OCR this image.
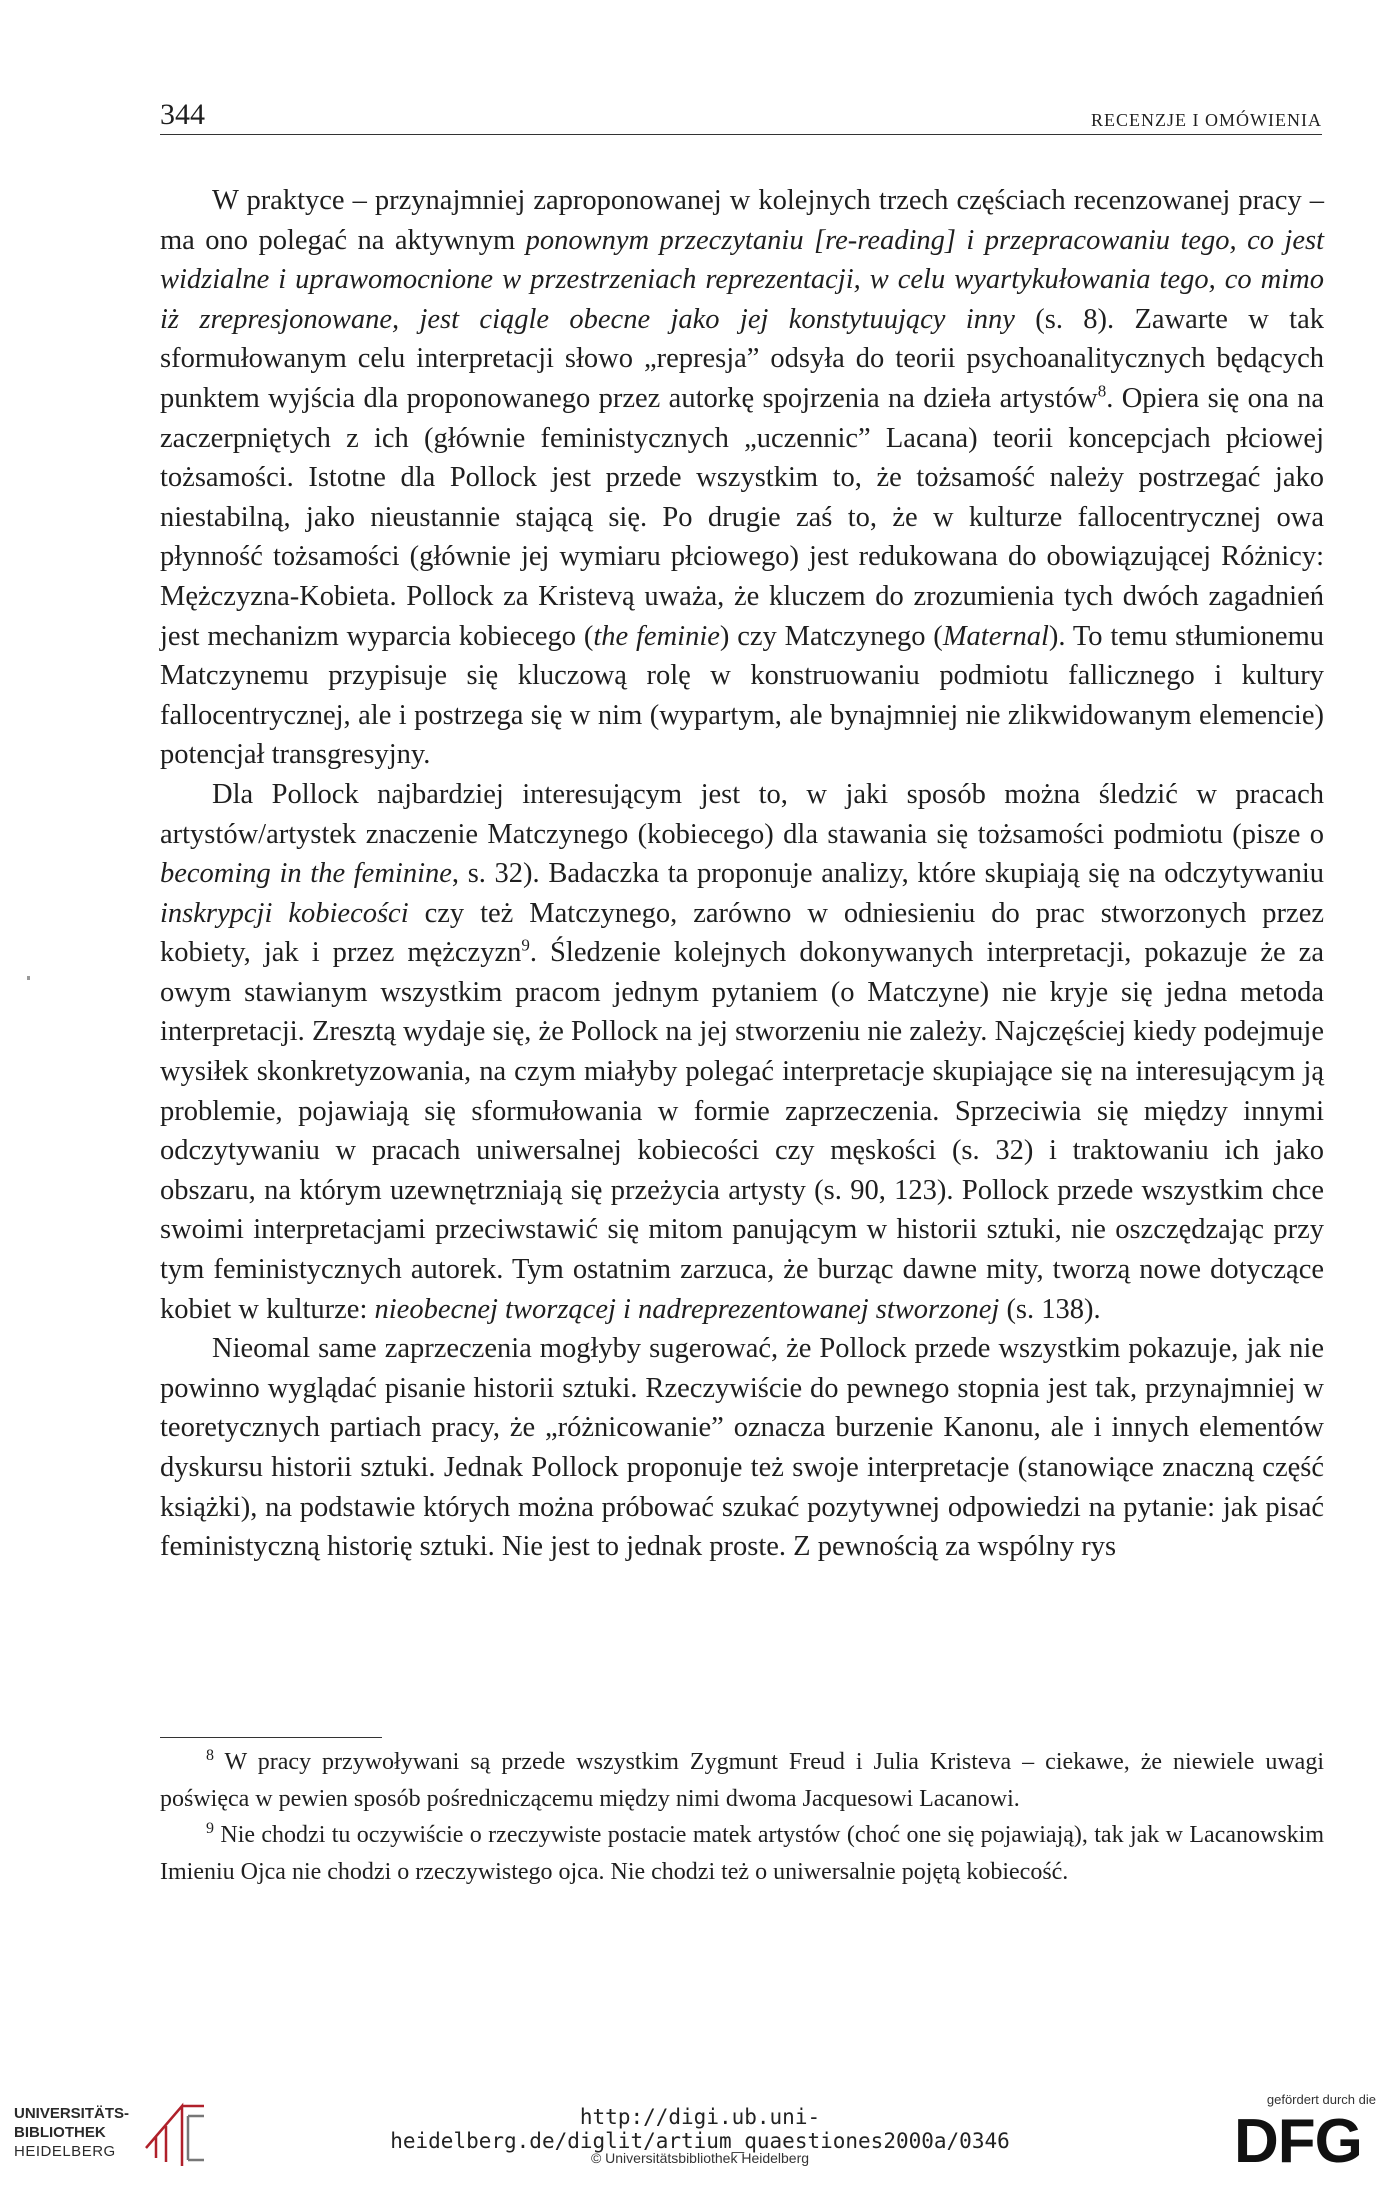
344	RECENZJE I OMÓWIENIA

W praktyce – przynajmniej zaproponowanej w kolejnych trzech częściach recenzowanej pracy – ma ono polegać na aktywnym ponownym przeczytaniu [re-reading] i przepracowaniu tego, co jest widzialne i uprawomocnione w przestrzeniach reprezentacji, w celu wyartykułowania tego, co mimo iż zrepresjonowane, jest ciągle obecne jako jej konstytuujący inny (s. 8). Zawarte w tak sformułowanym celu interpretacji słowo „represja” odsyła do teorii psychoanalitycznych będących punktem wyjścia dla proponowanego przez autorkę spojrzenia na dzieła artystów$^8$. Opiera się ona na zaczerpniętych z ich (głównie feministycznych „uczennic” Lacana) teorii koncepcjach płciowej tożsamości. Istotne dla Pollock jest przede wszystkim to, że tożsamość należy postrzegać jako niestabilną, jako nieustannie stającą się. Po drugie zaś to, że w kulturze fallocentrycznej owa płynność tożsamości (głównie jej wymiaru płciowego) jest redukowana do obowiązującej Różnicy: Mężczyzna-Kobieta. Pollock za Kristevą uważa, że kluczem do zrozumienia tych dwóch zagadnień jest mechanizm wyparcia kobiecego (the feminie) czy Matczynego (Maternal). To temu stłumionemu Matczynemu przypisuje się kluczową rolę w konstruowaniu podmiotu fallicznego i kultury fallocentrycznej, ale i postrzega się w nim (wypartym, ale bynajmniej nie zlikwidowanym elemencie) potencjał transgresyjny.

Dla Pollock najbardziej interesującym jest to, w jaki sposób można śledzić w pracach artystów/artystek znaczenie Matczynego (kobiecego) dla stawania się tożsamości podmiotu (pisze o becoming in the feminine, s. 32). Badaczka ta proponuje analizy, które skupiają się na odczytywaniu inskrypcji kobiecości czy też Matczynego, zarówno w odniesieniu do prac stworzonych przez kobiety, jak i przez mężczyzn$^9$. Śledzenie kolejnych dokonywanych interpretacji, pokazuje że za owym stawianym wszystkim pracom jednym pytaniem (o Matczyne) nie kryje się jedna metoda interpretacji. Zresztą wydaje się, że Pollock na jej stworzeniu nie zależy. Najczęściej kiedy podejmuje wysiłek skonkretyzowania, na czym miałyby polegać interpretacje skupiające się na interesującym ją problemie, pojawiają się sformułowania w formie zaprzeczenia. Sprzeciwia się między innymi odczytywaniu w pracach uniwersalnej kobiecości czy męskości (s. 32) i traktowaniu ich jako obszaru, na którym uzewnętrzniają się przeżycia artysty (s. 90, 123). Pollock przede wszystkim chce swoimi interpretacjami przeciwstawić się mitom panującym w historii sztuki, nie oszczędzając przy tym feministycznych autorek. Tym ostatnim zarzuca, że burząc dawne mity, tworzą nowe dotyczące kobiet w kulturze: nieobecnej tworzącej i nadreprezentowanej stworzonej (s. 138).

Nieomal same zaprzeczenia mogłyby sugerować, że Pollock przede wszystkim pokazuje, jak nie powinno wyglądać pisanie historii sztuki. Rzeczywiście do pewnego stopnia jest tak, przynajmniej w teoretycznych partiach pracy, że „różnicowanie” oznacza burzenie Kanonu, ale i innych elementów dyskursu historii sztuki. Jednak Pollock proponuje też swoje interpretacje (stanowiące znaczną część książki), na podstawie których można próbować szukać pozytywnej odpowiedzi na pytanie: jak pisać feministyczną historię sztuki. Nie jest to jednak proste. Z pewnością za wspólny rys

$^8$ W pracy przywoływani są przede wszystkim Zygmunt Freud i Julia Kristeva – ciekawe, że niewiele uwagi poświęca w pewien sposób pośredniczącemu między nimi dwoma Jacquesowi Lacanowi.

$^9$ Nie chodzi tu oczywiście o rzeczywiste postacie matek artystów (choć one się pojawiają), tak jak w Lacanowskim Imieniu Ojca nie chodzi o rzeczywistego ojca. Nie chodzi też o uniwersalnie pojętą kobiecość.

UNIVERSITÄTS-
BIBLIOTHEK
HEIDELBERG
http://digi.ub.uni-heidelberg.de/diglit/artium_quaestiones2000a/0346
© Universitätsbibliothek Heidelberg
gefördert durch die
DFG
